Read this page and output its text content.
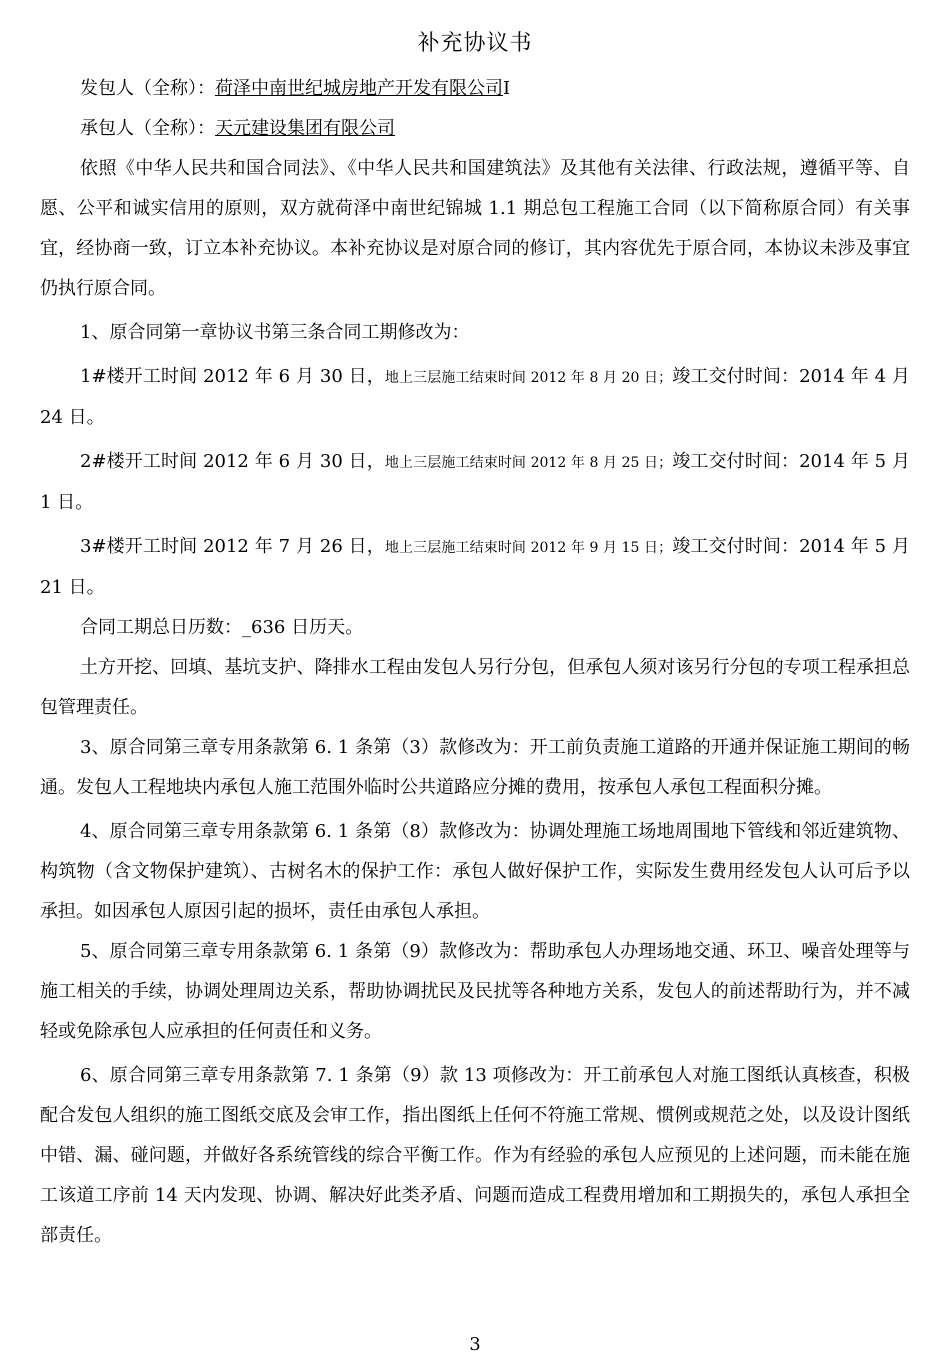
补充协议书

发包人（全称）：荷泽中南世纪城房地产开发有限公司I

承包人（全称）：天元建设集团有限公司

依照《中华人民共和国合同法》、《中华人民共和国建筑法》及其他有关法律、行政法规，遵循平等、自愿、公平和诚实信用的原则，双方就荷泽中南世纪锦城 1.1 期总包工程施工合同（以下简称原合同）有关事宜，经协商一致，订立本补充协议。本补充协议是对原合同的修订，其内容优先于原合同，本协议未涉及事宜仍执行原合同。

1、原合同第一章协议书第三条合同工期修改为：

1#楼开工时间 2012 年 6 月 30 日，地上三层施工结束时间 2012 年 8 月 20 日；竣工交付时间：2014 年 4 月 24 日。

2#楼开工时间 2012 年 6 月 30 日，地上三层施工结束时间 2012 年 8 月 25 日；竣工交付时间：2014 年 5 月 1 日。

3#楼开工时间 2012 年 7 月 26 日，地上三层施工结束时间 2012 年 9 月 15 日；竣工交付时间：2014 年 5 月 21 日。

合同工期总日历数：_636 日历天。

土方开挖、回填、基坑支护、降排水工程由发包人另行分包，但承包人须对该另行分包的专项工程承担总包管理责任。

3、原合同第三章专用条款第 6. 1 条第（3）款修改为：开工前负责施工道路的开通并保证施工期间的畅通。发包人工程地块内承包人施工范围外临时公共道路应分摊的费用，按承包人承包工程面积分摊。

4、原合同第三章专用条款第 6. 1 条第（8）款修改为：协调处理施工场地周围地下管线和邻近建筑物、构筑物（含文物保护建筑）、古树名木的保护工作：承包人做好保护工作，实际发生费用经发包人认可后予以承担。如因承包人原因引起的损坏，责任由承包人承担。

5、原合同第三章专用条款第 6. 1 条第（9）款修改为：帮助承包人办理场地交通、环卫、噪音处理等与施工相关的手续，协调处理周边关系，帮助协调扰民及民扰等各种地方关系，发包人的前述帮助行为，并不减轻或免除承包人应承担的任何责任和义务。

6、原合同第三章专用条款第 7. 1 条第（9）款 13 项修改为：开工前承包人对施工图纸认真核查，积极配合发包人组织的施工图纸交底及会审工作，指出图纸上任何不符施工常规、惯例或规范之处，以及设计图纸中错、漏、碰问题，并做好各系统管线的综合平衡工作。作为有经验的承包人应预见的上述问题，而未能在施工该道工序前 14 天内发现、协调、解决好此类矛盾、问题而造成工程费用增加和工期损失的，承包人承担全部责任。

3
